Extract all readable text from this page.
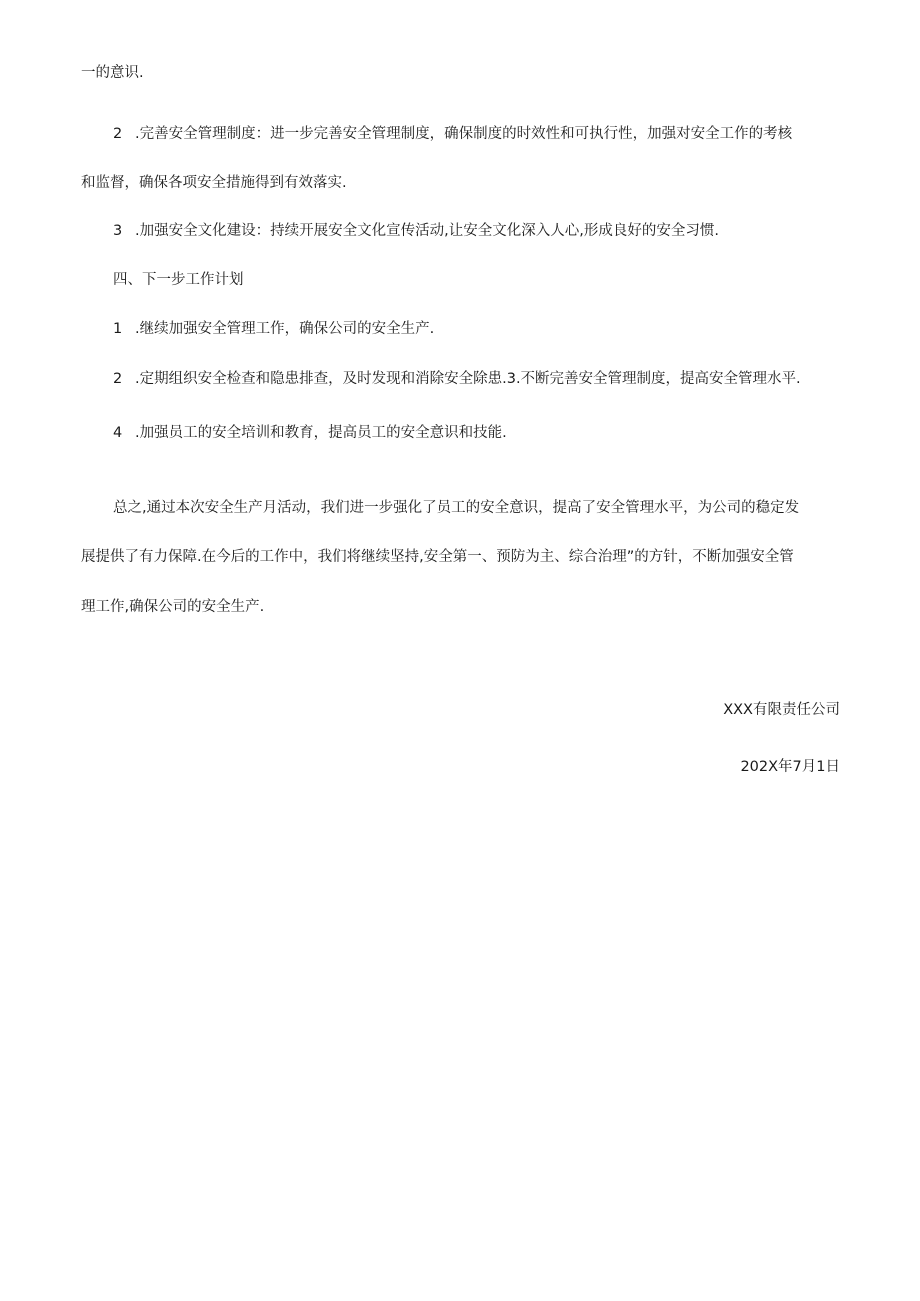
一的意识.
2 .完善安全管理制度：进一步完善安全管理制度，确保制度的时效性和可执行性，加强对安全工作的考核
和监督，确保各项安全措施得到有效落实.
3 .加强安全文化建设：持续开展安全文化宣传活动,让安全文化深入人心,形成良好的安全习惯.
四、下一步工作计划
1 .继续加强安全管理工作，确保公司的安全生产.
2 .定期组织安全检查和隐患排查，及时发现和消除安全除患.3.不断完善安全管理制度，提高安全管理水平.
4 .加强员工的安全培训和教育，提高员工的安全意识和技能.
总之,通过本次安全生产月活动，我们进一步强化了员工的安全意识，提高了安全管理水平，为公司的稳定发
展提供了有力保障.在今后的工作中，我们将继续坚持,安全第一、预防为主、综合治理”的方针，不断加强安全管
理工作,确保公司的安全生产.
XXX有限责任公司
202X年7月1日
